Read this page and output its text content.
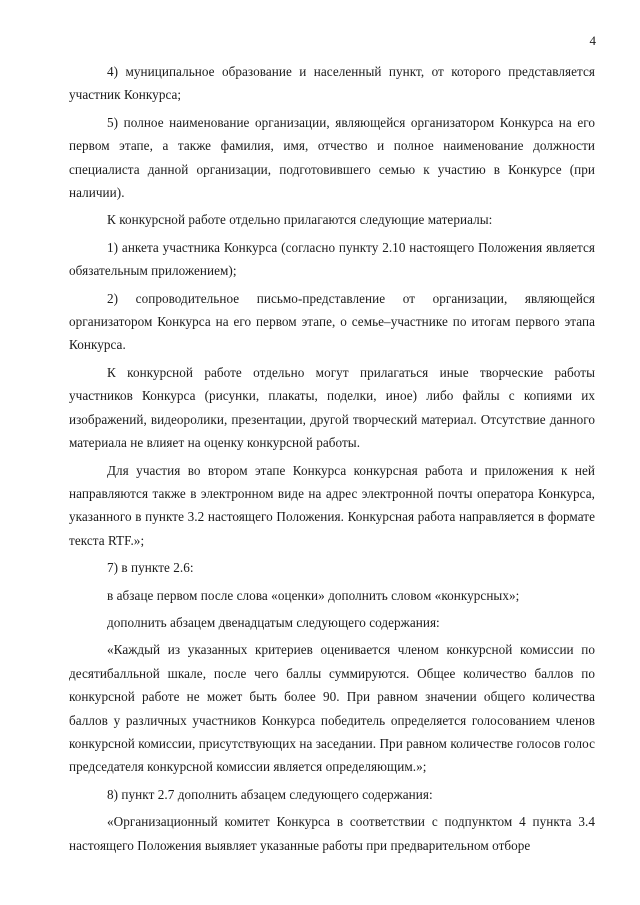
4

4) муниципальное образование и населенный пункт, от которого представляется участник Конкурса;

5) полное наименование организации, являющейся организатором Конкурса на его первом этапе, а также фамилия, имя, отчество и полное наименование должности специалиста данной организации, подготовившего семью к участию в Конкурсе (при наличии).

К конкурсной работе отдельно прилагаются следующие материалы:

1) анкета участника Конкурса (согласно пункту 2.10 настоящего Положения является обязательным приложением);

2) сопроводительное письмо-представление от организации, являющейся организатором Конкурса на его первом этапе, о семье–участнике по итогам первого этапа Конкурса.

К конкурсной работе отдельно могут прилагаться иные творческие работы участников Конкурса (рисунки, плакаты, поделки, иное) либо файлы с копиями их изображений, видеоролики, презентации, другой творческий материал. Отсутствие данного материала не влияет на оценку конкурсной работы.

Для участия во втором этапе Конкурса конкурсная работа и приложения к ней направляются также в электронном виде на адрес электронной почты оператора Конкурса, указанного в пункте 3.2 настоящего Положения. Конкурсная работа направляется в формате текста RTF.»;

7) в пункте 2.6:

в абзаце первом после слова «оценки» дополнить словом «конкурсных»;

дополнить абзацем двенадцатым следующего содержания:

«Каждый из указанных критериев оценивается членом конкурсной комиссии по десятибалльной шкале, после чего баллы суммируются. Общее количество баллов по конкурсной работе не может быть более 90. При равном значении общего количества баллов у различных участников Конкурса победитель определяется голосованием членов конкурсной комиссии, присутствующих на заседании. При равном количестве голосов голос председателя конкурсной комиссии является определяющим.»;

8) пункт 2.7 дополнить абзацем следующего содержания:

«Организационный комитет Конкурса в соответствии с подпунктом 4 пункта 3.4 настоящего Положения выявляет указанные работы при предварительном отборе
